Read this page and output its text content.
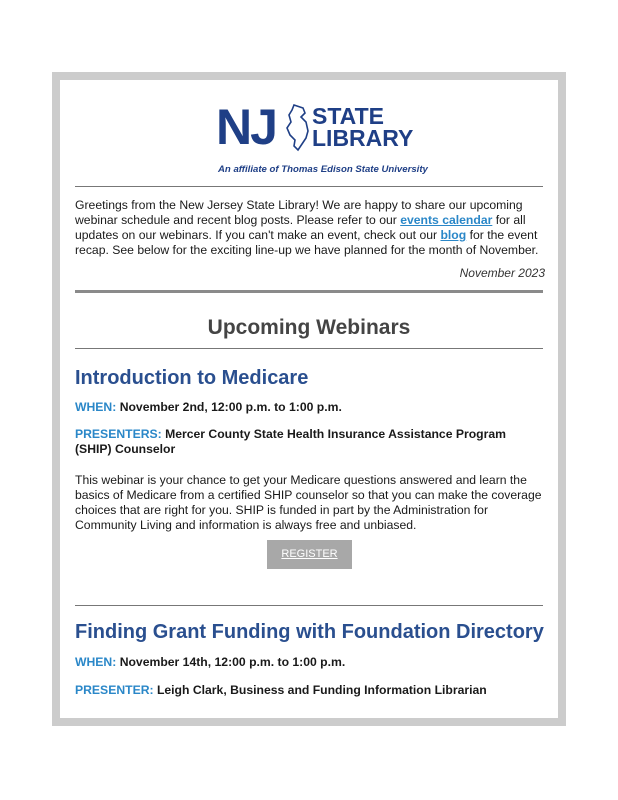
NJ STATE
LIBRARY
An affiliate of Thomas Edison State University

Greetings from the New Jersey State Library! We are happy to share our upcoming webinar schedule and recent blog posts. Please refer to our events calendar for all updates on our webinars. If you can't make an event, check out our blog for the event recap. See below for the exciting line-up we have planned for the month of November.

November 2023
Upcoming Webinars
Introduction to Medicare
WHEN: November 2nd, 12:00 p.m. to 1:00 p.m.
PRESENTERS: Mercer County State Health Insurance Assistance Program (SHIP) Counselor

This webinar is your chance to get your Medicare questions answered and learn the basics of Medicare from a certified SHIP counselor so that you can make the coverage choices that are right for you. SHIP is funded in part by the Administration for Community Living and information is always free and unbiased.

REGISTER
Finding Grant Funding with Foundation Directory
WHEN: November 14th, 12:00 p.m. to 1:00 p.m.
PRESENTER: Leigh Clark, Business and Funding Information Librarian
